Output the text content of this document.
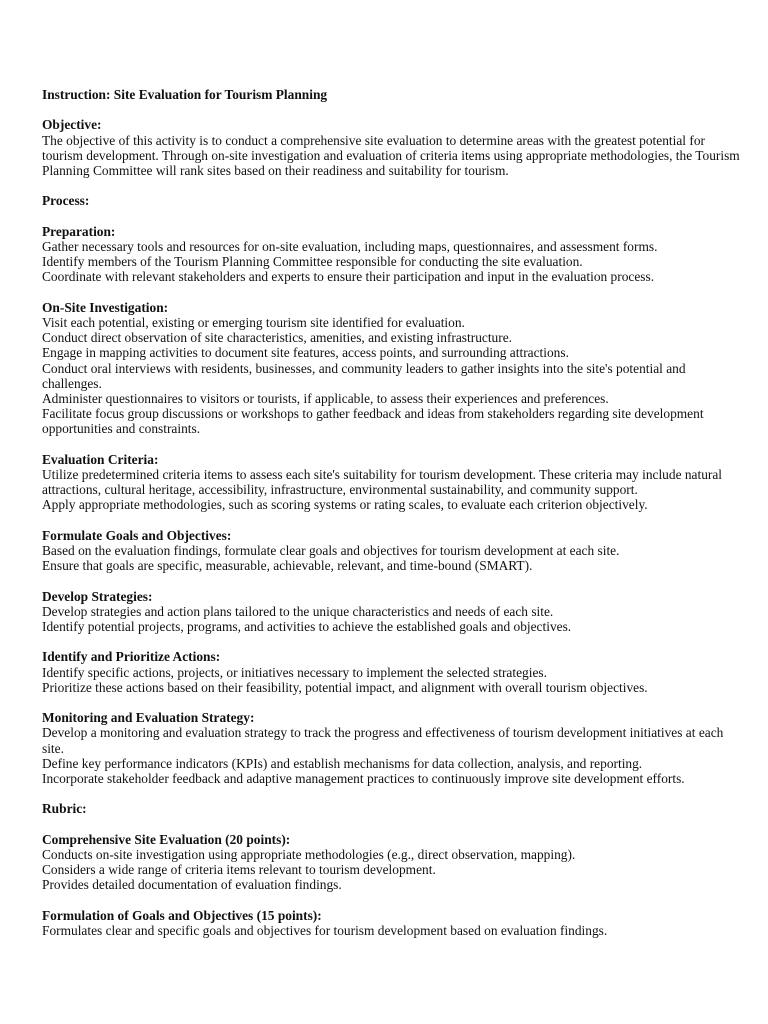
Instruction: Site Evaluation for Tourism Planning
Objective:
The objective of this activity is to conduct a comprehensive site evaluation to determine areas with the greatest potential for tourism development. Through on-site investigation and evaluation of criteria items using appropriate methodologies, the Tourism Planning Committee will rank sites based on their readiness and suitability for tourism.
Process:
Preparation:
Gather necessary tools and resources for on-site evaluation, including maps, questionnaires, and assessment forms.
Identify members of the Tourism Planning Committee responsible for conducting the site evaluation.
Coordinate with relevant stakeholders and experts to ensure their participation and input in the evaluation process.
On-Site Investigation:
Visit each potential, existing or emerging tourism site identified for evaluation.
Conduct direct observation of site characteristics, amenities, and existing infrastructure.
Engage in mapping activities to document site features, access points, and surrounding attractions.
Conduct oral interviews with residents, businesses, and community leaders to gather insights into the site's potential and challenges.
Administer questionnaires to visitors or tourists, if applicable, to assess their experiences and preferences.
Facilitate focus group discussions or workshops to gather feedback and ideas from stakeholders regarding site development opportunities and constraints.
Evaluation Criteria:
Utilize predetermined criteria items to assess each site's suitability for tourism development. These criteria may include natural attractions, cultural heritage, accessibility, infrastructure, environmental sustainability, and community support.
Apply appropriate methodologies, such as scoring systems or rating scales, to evaluate each criterion objectively.
Formulate Goals and Objectives:
Based on the evaluation findings, formulate clear goals and objectives for tourism development at each site.
Ensure that goals are specific, measurable, achievable, relevant, and time-bound (SMART).
Develop Strategies:
Develop strategies and action plans tailored to the unique characteristics and needs of each site.
Identify potential projects, programs, and activities to achieve the established goals and objectives.
Identify and Prioritize Actions:
Identify specific actions, projects, or initiatives necessary to implement the selected strategies.
Prioritize these actions based on their feasibility, potential impact, and alignment with overall tourism objectives.
Monitoring and Evaluation Strategy:
Develop a monitoring and evaluation strategy to track the progress and effectiveness of tourism development initiatives at each site.
Define key performance indicators (KPIs) and establish mechanisms for data collection, analysis, and reporting.
Incorporate stakeholder feedback and adaptive management practices to continuously improve site development efforts.
Rubric:
Comprehensive Site Evaluation (20 points):
Conducts on-site investigation using appropriate methodologies (e.g., direct observation, mapping).
Considers a wide range of criteria items relevant to tourism development.
Provides detailed documentation of evaluation findings.
Formulation of Goals and Objectives (15 points):
Formulates clear and specific goals and objectives for tourism development based on evaluation findings.
